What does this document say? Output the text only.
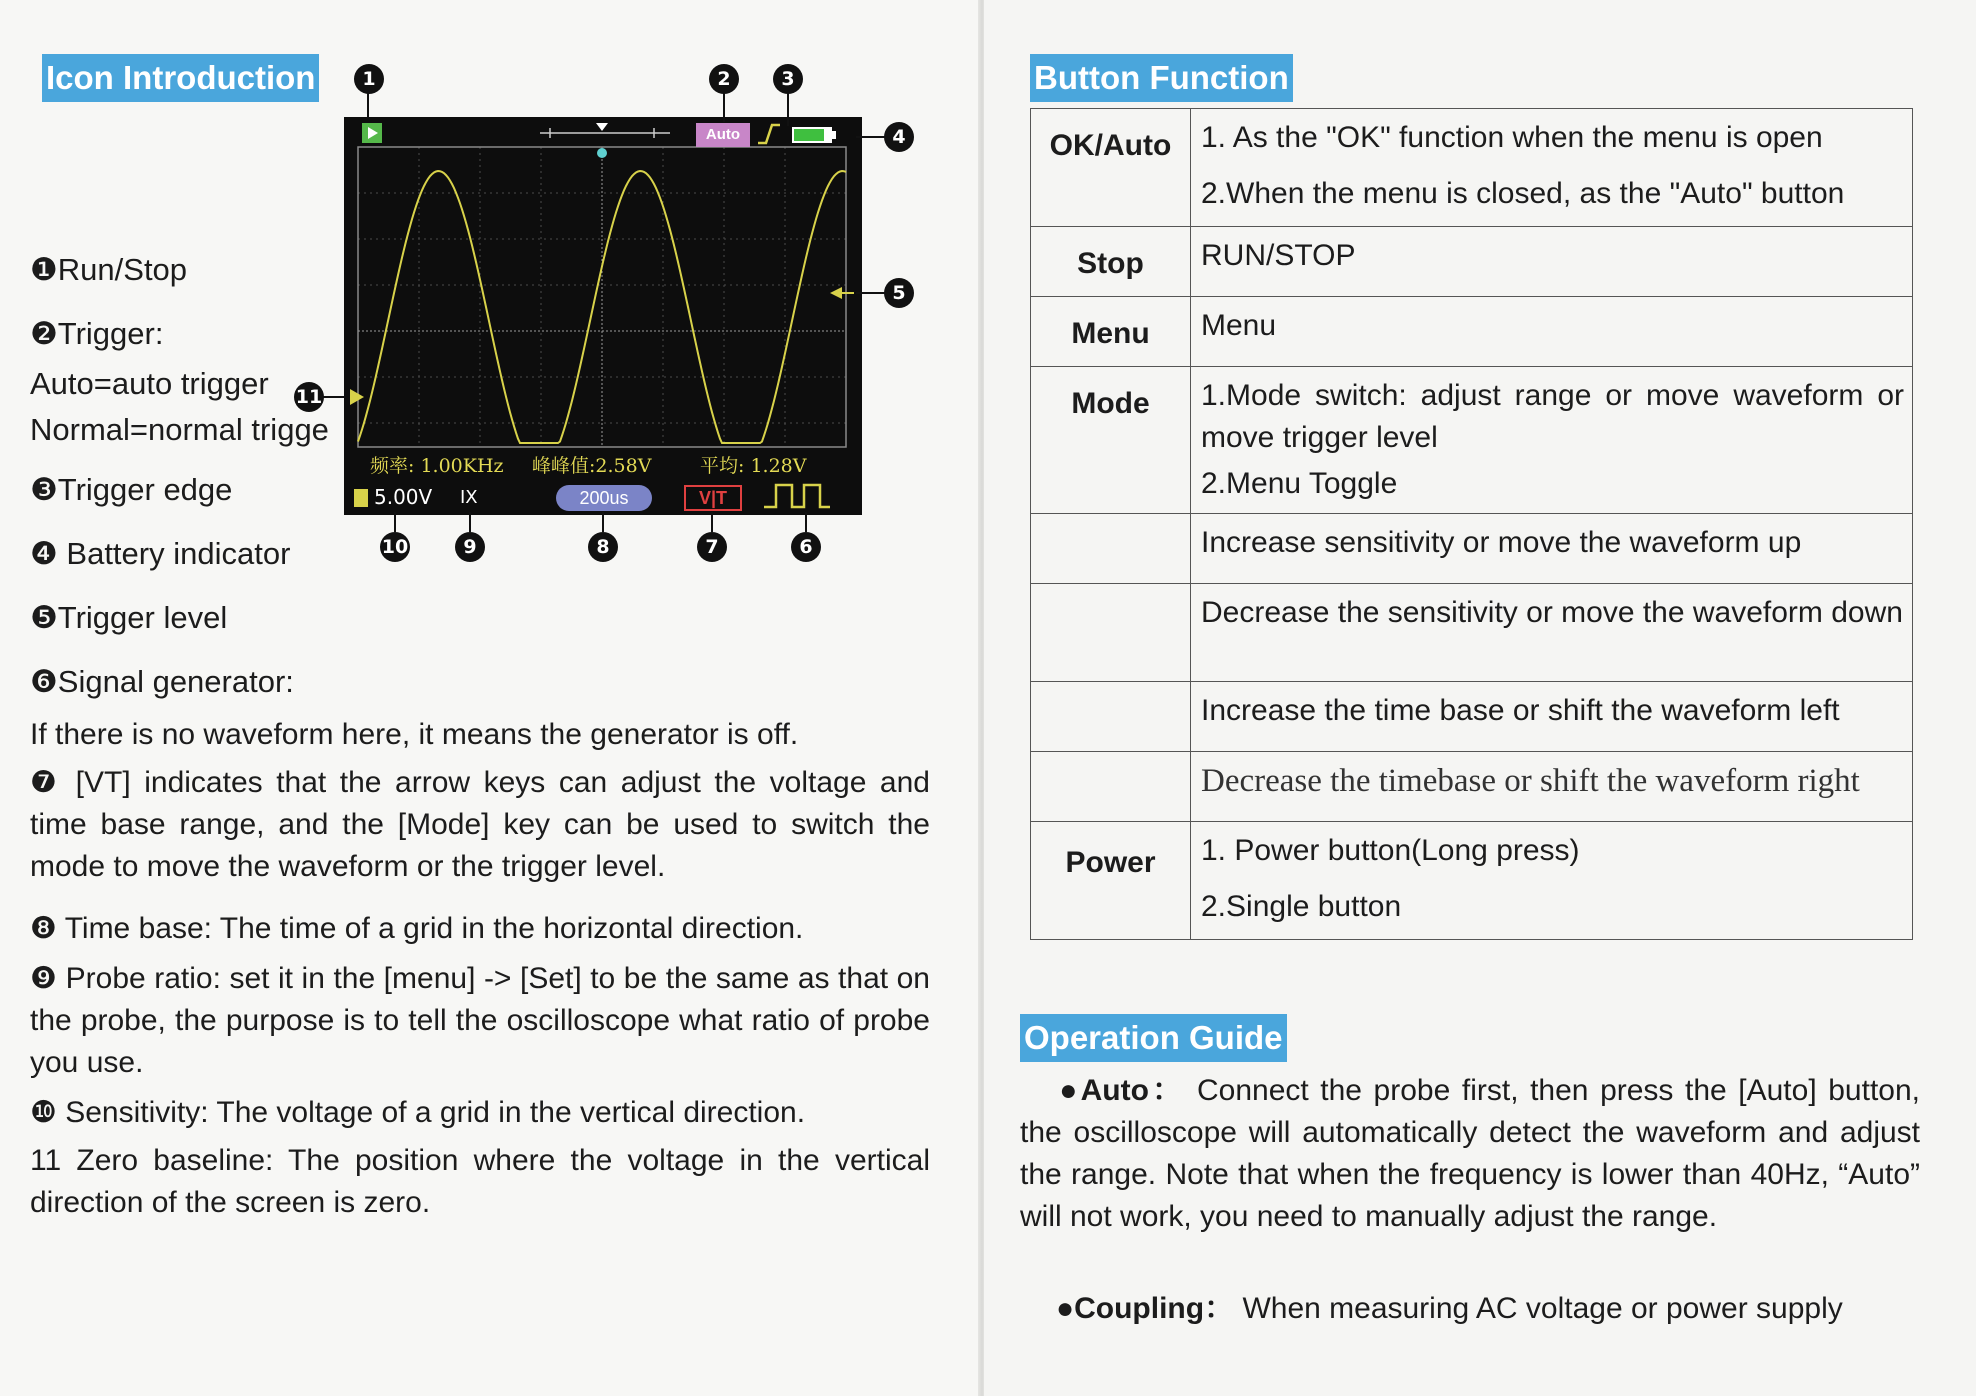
Icon Introduction
❶Run/Stop
❷Trigger:
Auto=auto trigger
Normal=normal trigge
❸Trigger edge
❹ Battery indicator
❺Trigger level
❻Signal generator:
If there is no waveform here, it means the generator is off.
❼ [VT] indicates that the arrow keys can adjust the voltage and time base range, and the [Mode] key can be used to switch the mode to move the waveform or the trigger level.
❽ Time base: The time of a grid in the horizontal direction.
❾ Probe ratio: set it in the [menu] -> [Set] to be the same as that on the probe, the purpose is to tell the oscilloscope what ratio of probe you use.
❿ Sensitivity: The voltage of a grid in the vertical direction.
11 Zero baseline: The position where the voltage in the vertical direction of the screen is zero.
Auto
频率: 1.00KHz 峰峰值:2.58V	平均: 1.28V
5.00V IX	200us	V|T
1	2	3
4
5
6
7
8
9
10
11
Button Function
OK/Auto	1. As the "OK" function when the menu is open
2.When the menu is closed, as the "Auto" button

Stop	RUN/STOP
Menu	Menu
Mode	1.Mode switch: adjust range or move waveform or move trigger level
2.Menu Toggle

	Increase sensitivity or move the waveform up

	Decrease the sensitivity or move the waveform down

	Increase the time base or shift the waveform left
	Decrease the timebase or shift the waveform right
Power	1. Power button(Long press)
2.Single button
Operation Guide
●Auto： Connect the probe first, then press the [Auto] button, the oscilloscope will automatically detect the waveform and adjust the range. Note that when the frequency is lower than 40Hz, “Auto” will not work, you need to manually adjust the range.
●Coupling： When measuring AC voltage or power supply
